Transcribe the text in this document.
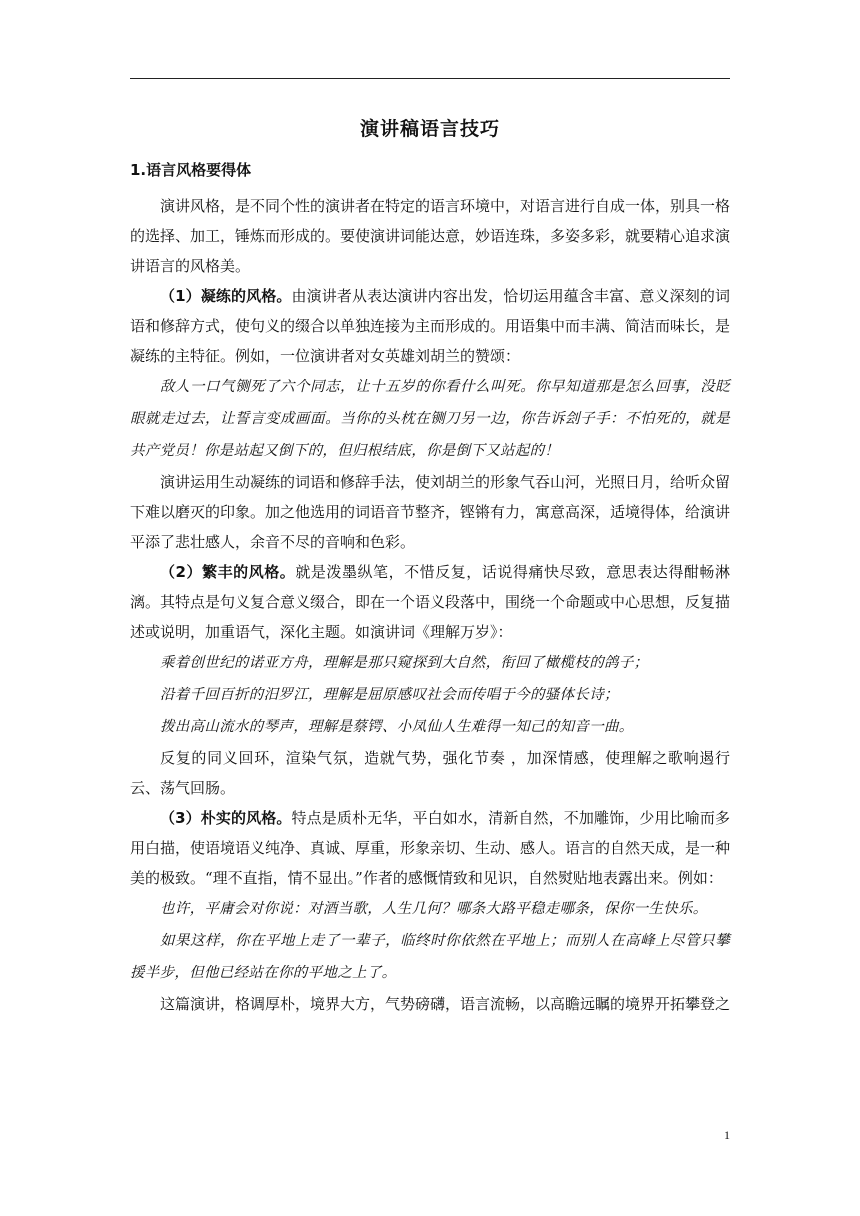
演讲稿语言技巧
1.语言风格要得体

演讲风格，是不同个性的演讲者在特定的语言环境中，对语言进行自成一体，别具一格的选择、加工，锤炼而形成的。要使演讲词能达意，妙语连珠，多姿多彩，就要精心追求演讲语言的风格美。

（1）凝练的风格。由演讲者从表达演讲内容出发，恰切运用蕴含丰富、意义深刻的词语和修辞方式，使句义的缀合以单独连接为主而形成的。用语集中而丰满、简洁而味长，是凝练的主特征。例如，一位演讲者对女英雄刘胡兰的赞颂：

敌人一口气铡死了六个同志，让十五岁的你看什么叫死。你早知道那是怎么回事，没眨眼就走过去，让誓言变成画面。当你的头枕在铡刀另一边，你告诉刽子手：不怕死的，就是共产党员！你是站起又倒下的，但归根结底，你是倒下又站起的！

演讲运用生动凝练的词语和修辞手法，使刘胡兰的形象气吞山河，光照日月，给听众留下难以磨灭的印象。加之他选用的词语音节整齐，铿锵有力，寓意高深，适境得体，给演讲平添了悲壮感人，余音不尽的音响和色彩。

（2）繁丰的风格。就是泼墨纵笔，不惜反复，话说得痛快尽致，意思表达得酣畅淋漓。其特点是句义复合意义缀合，即在一个语义段落中，围绕一个命题或中心思想，反复描述或说明，加重语气，深化主题。如演讲词《理解万岁》：

乘着创世纪的诺亚方舟，理解是那只窥探到大自然，衔回了橄榄枝的鸽子；

沿着千回百折的汨罗江，理解是屈原感叹社会而传唱于今的骚体长诗；

拨出高山流水的琴声，理解是蔡锷、小凤仙人生难得一知己的知音一曲。

反复的同义回环，渲染气氛，造就气势，强化节奏 ，加深情感，使理解之歌响遏行云、荡气回肠。

（3）朴实的风格。特点是质朴无华，平白如水，清新自然，不加雕饰，少用比喻而多用白描，使语境语义纯净、真诚、厚重，形象亲切、生动、感人。语言的自然天成，是一种美的极致。“理不直指，情不显出。”作者的感慨情致和见识，自然熨贴地表露出来。例如：

也许，平庸会对你说：对酒当歌，人生几何？哪条大路平稳走哪条，保你一生快乐。

如果这样，你在平地上走了一辈子，临终时你依然在平地上；而别人在高峰上尽管只攀援半步，但他已经站在你的平地之上了。

这篇演讲，格调厚朴，境界大方，气势磅礴，语言流畅，以高瞻远瞩的境界开拓攀登之

1
